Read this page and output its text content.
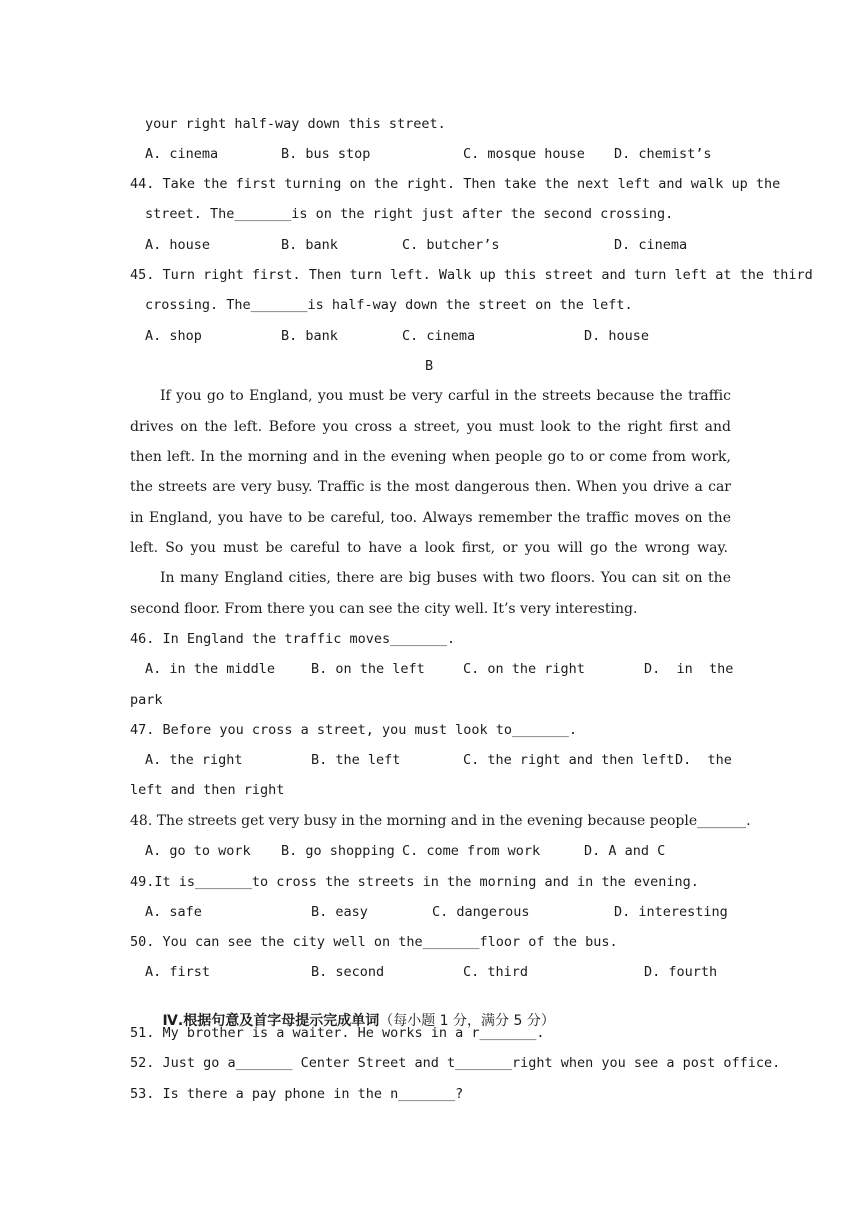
your right half-way down this street.
A. cinema	B. bus stop	C. mosque house D. chemist’s
44. Take the first turning on the right. Then take the next left and walk up the
street. The_______is on the right just after the second crossing.
A. house	B. bank	C. butcher’s	D. cinema
45. Turn right first. Then turn left. Walk up this street and turn left at the third
crossing. The_______is half-way down the street on the left.
A. shop	B. bank	C. cinema	D. house
B
If you go to England, you must be very carful in the streets because the traffic
drives on the left. Before you cross a street, you must look to the right first and
then left. In the morning and in the evening when people go to or come from work,
the streets are very busy. Traffic is the most dangerous then. When you drive a car
in England, you have to be careful, too. Always remember the traffic moves on the
left. So you must be careful to have a look first, or you will go the wrong way.
In many England cities, there are big buses with two floors. You can sit on the
second floor. From there you can see the city well. It’s very interesting.
46. In England the traffic moves_______.
A. in the middle	B. on the left	C. on the right	D.  in  the
park
47. Before you cross a street, you must look to_______.
A. the right	B. the left	C. the right and then left D.  the
left and then right
48. The streets get very busy in the morning and in the evening because people_______.
A. go to work B. go shopping C. come from work	D. A and C
49.It is_______to cross the streets in the morning and in the evening.
A. safe	B. easy	C. dangerous	D. interesting
50. You can see the city well on the_______floor of the bus.
A. first	B. second	C. third	D. fourth

Ⅳ.根据句意及首字母提示完成单词（每小题 1 分，满分 5 分）

51. My brother is a waiter. He works in a r_______.
52. Just go a_______ Center Street and t_______right when you see a post office.
53. Is there a pay phone in the n_______?
